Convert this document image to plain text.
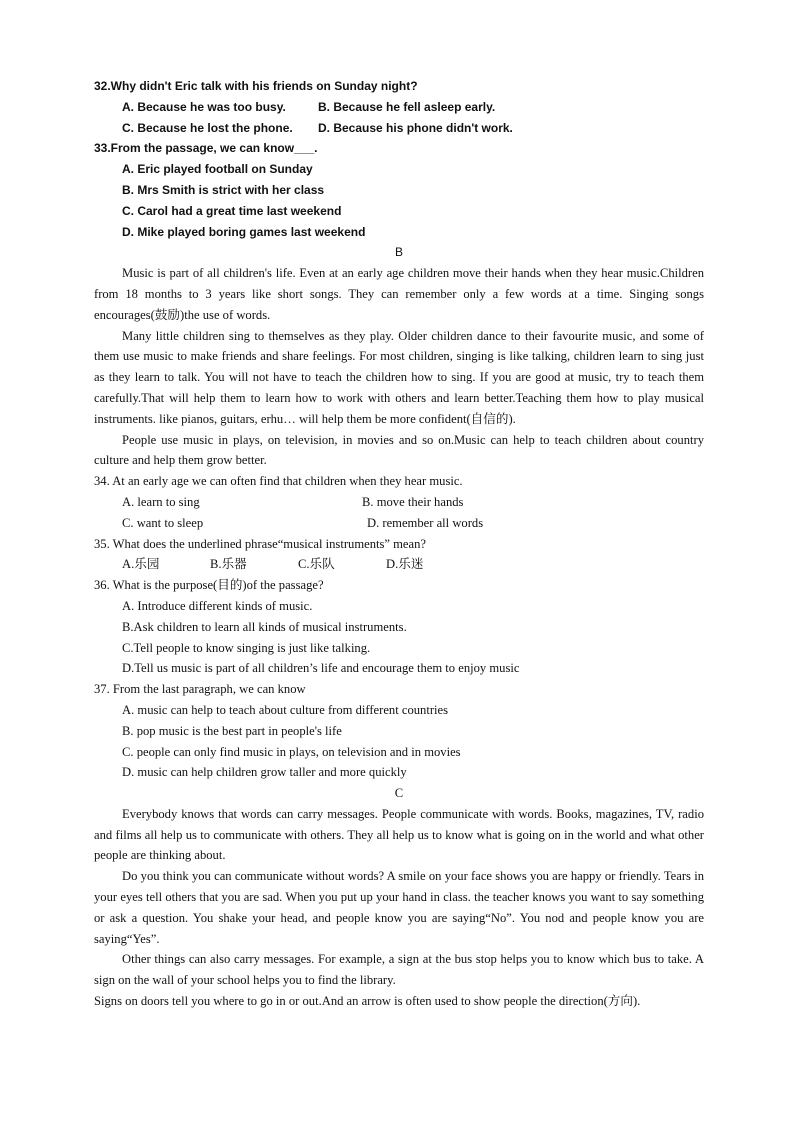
32.Why didn't Eric talk with his friends on Sunday night?
A. Because he was too busy.	B. Because he fell asleep early.
C. Because he lost the phone.	D. Because his phone didn't work.
33.From the passage, we can know___.
A. Eric played football on Sunday
B. Mrs Smith is strict with her class
C. Carol had a great time last weekend
D. Mike played boring games last weekend
B
Music is part of all children's life. Even at an early age children move their hands when they hear music.Children from 18 months to 3 years like short songs. They can remember only a few words at a time. Singing songs encourages(鼓励)the use of words.
Many little children sing to themselves as they play. Older children dance to their favourite music, and some of them use music to make friends and share feelings. For most children, singing is like talking, children learn to sing just as they learn to talk. You will not have to teach the children how to sing. If you are good at music, try to teach them carefully.That will help them to learn how to work with others and learn better.Teaching them how to play musical instruments. like pianos, guitars, erhu… will help them be more confident(自信的).
People use music in plays, on television, in movies and so on.Music can help to teach children about country culture and help them grow better.
34. At an early age we can often find that children when they hear music.
A. learn to sing	B. move their hands
C. want to sleep	D. remember all words
35. What does the underlined phrase“musical instruments” mean?
A.乐园	B.乐器	C.乐队	D.乐迷
36. What is the purpose(目的)of the passage?
A. Introduce different kinds of music.
B.Ask children to learn all kinds of musical instruments.
C.Tell people to know singing is just like talking.
D.Tell us music is part of all children’s life and encourage them to enjoy music
37. From the last paragraph, we can know
A. music can help to teach about culture from different countries
B. pop music is the best part in people's life
C. people can only find music in plays, on television and in movies
D. music can help children grow taller and more quickly
C
Everybody knows that words can carry messages. People communicate with words. Books, magazines, TV, radio and films all help us to communicate with others. They all help us to know what is going on in the world and what other people are thinking about.
Do you think you can communicate without words? A smile on your face shows you are happy or friendly. Tears in your eyes tell others that you are sad. When you put up your hand in class. the teacher knows you want to say something or ask a question. You shake your head, and people know you are saying“No”. You nod and people know you are saying“Yes”.
Other things can also carry messages. For example, a sign at the bus stop helps you to know which bus to take. A sign on the wall of your school helps you to find the library.
Signs on doors tell you where to go in or out.And an arrow is often used to show people the direction(方向).
